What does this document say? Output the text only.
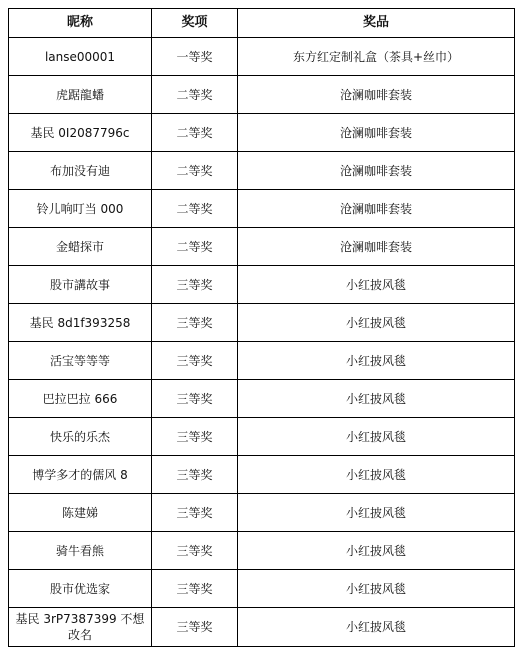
昵称	奖项	奖品
lanse00001	一等奖	东方红定制礼盒（茶具+丝巾）
虎踞龍蟠	二等奖	沧澜咖啡套装
基民 0I2087796c	二等奖	沧澜咖啡套装
布加没有迪	二等奖	沧澜咖啡套装
铃儿响叮当 000	二等奖	沧澜咖啡套装
金蜡探市	二等奖	沧澜咖啡套装
股市講故事	三等奖	小红披风毯
基民 8d1f393258	三等奖	小红披风毯
活宝等等等	三等奖	小红披风毯
巴拉巴拉 666	三等奖	小红披风毯
快乐的乐杰	三等奖	小红披风毯
博学多才的儒风 8	三等奖	小红披风毯
陈建娣	三等奖	小红披风毯
骑牛看熊	三等奖	小红披风毯
股市优选家	三等奖	小红披风毯
基民 3rP7387399 不想改名	三等奖	小红披风毯
